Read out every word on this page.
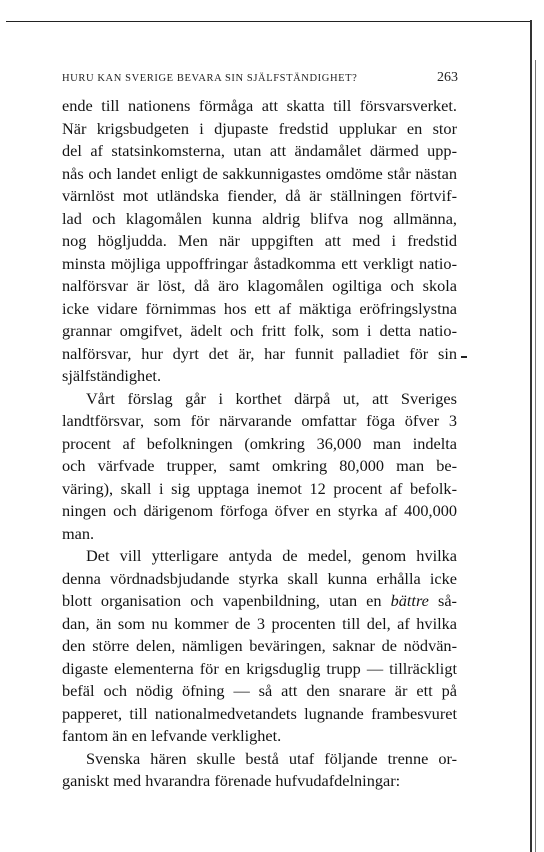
HURU KAN SVERIGE BEVARA SIN SJÄLFSTÄNDIGHET?	263
ende till nationens förmåga att skatta till försvarsverket.
När krigsbudgeten i djupaste fredstid upplukar en stor
del af statsinkomsterna, utan att ändamålet därmed upp-
nås och landet enligt de sakkunnigastes omdöme står nästan
värnlöst mot utländska fiender, då är ställningen förtvif-
lad och klagomålen kunna aldrig blifva nog allmänna,
nog högljudda. Men när uppgiften att med i fredstid
minsta möjliga uppoffringar åstadkomma ett verkligt natio-
nalförsvar är löst, då äro klagomålen ogiltiga och skola
icke vidare förnimmas hos ett af mäktiga eröfringslystna
grannar omgifvet, ädelt och fritt folk, som i detta natio-
nalförsvar, hur dyrt det är, har funnit palladiet för sin
själfständighet.
Vårt förslag går i korthet därpå ut, att Sveriges
landtförsvar, som för närvarande omfattar föga öfver 3
procent af befolkningen (omkring 36,000 man indelta
och värfvade trupper, samt omkring 80,000 man be-
väring), skall i sig upptaga inemot 12 procent af befolk-
ningen och därigenom förfoga öfver en styrka af 400,000
man.
Det vill ytterligare antyda de medel, genom hvilka
denna vördnadsbjudande styrka skall kunna erhålla icke
blott organisation och vapenbildning, utan en bättre så-
dan, än som nu kommer de 3 procenten till del, af hvilka
den större delen, nämligen beväringen, saknar de nödvän-
digaste elementerna för en krigsduglig trupp — tillräckligt
befäl och nödig öfning — så att den snarare är ett på
papperet, till nationalmedvetandets lugnande frambesvuret
fantom än en lefvande verklighet.
Svenska hären skulle bestå utaf följande trenne or-
ganiskt med hvarandra förenade hufvudafdelningar:
